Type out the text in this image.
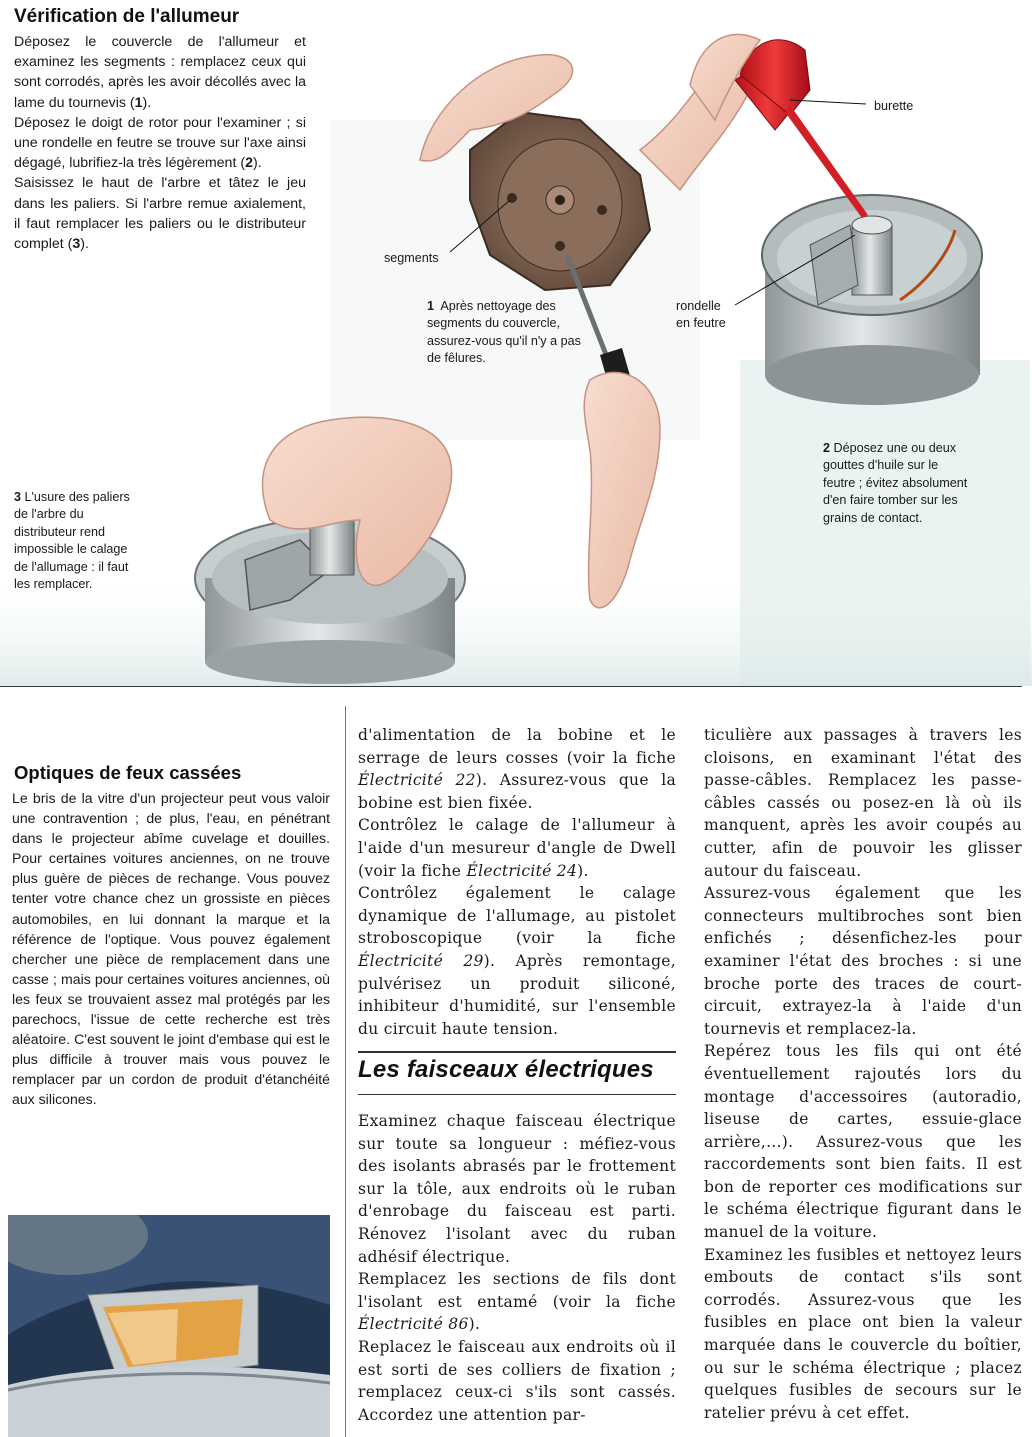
Vérification de l'allumeur

Déposez le couvercle de l'allumeur et examinez les segments : remplacez ceux qui sont corrodés, après les avoir décollés avec la lame du tournevis (1).

Déposez le doigt de rotor pour l'examiner ; si une rondelle en feutre se trouve sur l'axe ainsi dégagé, lubrifiez-la très légèrement (2).

Saisissez le haut de l'arbre et tâtez le jeu dans les paliers. Si l'arbre remue axialement, il faut remplacer les paliers ou le distributeur complet (3).

segments
burette
rondelle
en feutre
1 Après nettoyage des segments du couvercle, assurez-vous qu'il n'y a pas de fêlures.
2 Déposez une ou deux gouttes d'huile sur le feutre ; évitez absolument d'en faire tomber sur les grains de contact.
3 L'usure des paliers de l'arbre du distributeur rend impossible le calage de l'allumage : il faut les remplacer.
Optiques de feux cassées

Le bris de la vitre d'un projecteur peut vous valoir une contravention ; de plus, l'eau, en pénétrant dans le projecteur abîme cuvelage et douilles. Pour certaines voitures anciennes, on ne trouve plus guère de pièces de rechange. Vous pouvez tenter votre chance chez un grossiste en pièces automobiles, en lui donnant la marque et la référence de l'optique. Vous pouvez également chercher une pièce de remplacement dans une casse ; mais pour certaines voitures anciennes, où les feux se trouvaient assez mal protégés par les parechocs, l'issue de cette recherche est très aléatoire. C'est souvent le joint d'embase qui est le plus difficile à trouver mais vous pouvez le remplacer par un cordon de produit d'étanchéité aux silicones.

d'alimentation de la bobine et le serrage de leurs cosses (voir la fiche Électricité 22). Assurez-vous que la bobine est bien fixée.

Contrôlez le calage de l'allumeur à l'aide d'un mesureur d'angle de Dwell (voir la fiche Électricité 24).

Contrôlez également le calage dynamique de l'allumage, au pistolet stroboscopique (voir la fiche Électricité 29). Après remontage, pulvérisez un produit siliconé, inhibiteur d'humidité, sur l'ensemble du circuit haute tension.

Les faisceaux électriques

Examinez chaque faisceau électrique sur toute sa longueur : méfiez-vous des isolants abrasés par le frottement sur la tôle, aux endroits où le ruban d'enrobage du faisceau est parti. Rénovez l'isolant avec du ruban adhésif électrique.

Remplacez les sections de fils dont l'isolant est entamé (voir la fiche Électricité 86).

Replacez le faisceau aux endroits où il est sorti de ses colliers de fixation ; remplacez ceux-ci s'ils sont cassés. Accordez une attention par-

ticulière aux passages à travers les cloisons, en examinant l'état des passe-câbles. Remplacez les passe-câbles cassés ou posez-en là où ils manquent, après les avoir coupés au cutter, afin de pouvoir les glisser autour du faisceau.

Assurez-vous également que les connecteurs multibroches sont bien enfichés ; désenfichez-les pour examiner l'état des broches : si une broche porte des traces de court-circuit, extrayez-la à l'aide d'un tournevis et remplacez-la.

Repérez tous les fils qui ont été éventuellement rajoutés lors du montage d'accessoires (autoradio, liseuse de cartes, essuie-glace arrière,...). Assurez-vous que les raccordements sont bien faits. Il est bon de reporter ces modifications sur le schéma électrique figurant dans le manuel de la voiture.

Examinez les fusibles et nettoyez leurs embouts de contact s'ils sont corrodés. Assurez-vous que les fusibles en place ont bien la valeur marquée dans le couvercle du boîtier, ou sur le schéma électrique ; placez quelques fusibles de secours sur le ratelier prévu à cet effet.
